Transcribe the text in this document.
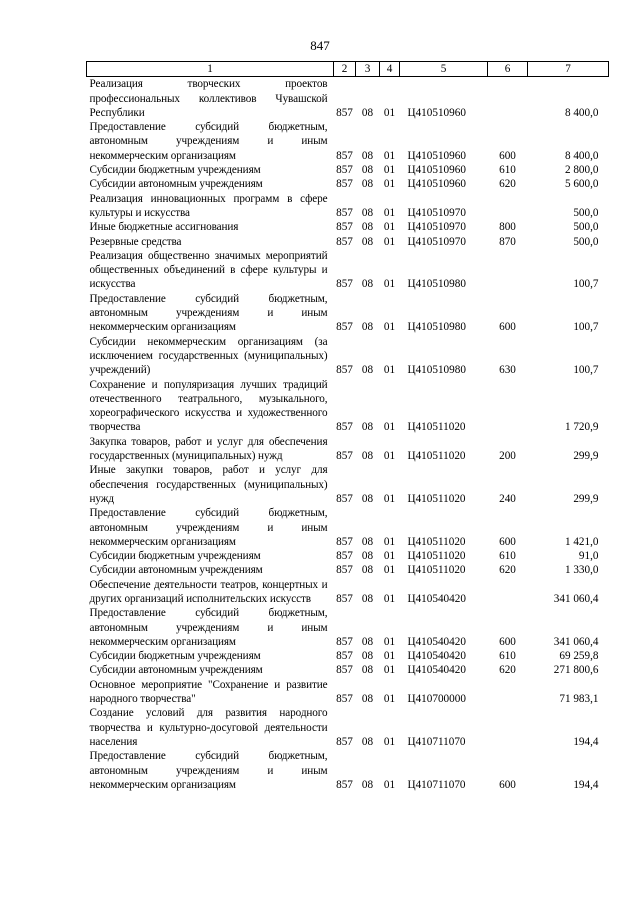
847
1	2	3	4	5	6	7
Реализация творческих проектов профессиональных коллективов Чувашской Республики	857	08	01	Ц410510960		8 400,0
Предоставление субсидий бюджетным, автономным учреждениям и иным некоммерческим организациям	857	08	01	Ц410510960	600	8 400,0
Субсидии бюджетным учреждениям	857	08	01	Ц410510960	610	2 800,0
Субсидии автономным учреждениям	857	08	01	Ц410510960	620	5 600,0
Реализация инновационных программ в сфере культуры и искусства	857	08	01	Ц410510970		500,0
Иные бюджетные ассигнования	857	08	01	Ц410510970	800	500,0
Резервные средства	857	08	01	Ц410510970	870	500,0
Реализация общественно значимых мероприятий общественных объединений в сфере культуры и искусства	857	08	01	Ц410510980		100,7
Предоставление субсидий бюджетным, автономным учреждениям и иным некоммерческим организациям	857	08	01	Ц410510980	600	100,7
Субсидии некоммерческим организациям (за исключением государственных (муниципальных) учреждений)	857	08	01	Ц410510980	630	100,7
Сохранение и популяризация лучших традиций отечественного театрального, музыкального, хореографического искусства и художественного творчества	857	08	01	Ц410511020		1 720,9
Закупка товаров, работ и услуг для обеспечения государственных (муниципальных) нужд	857	08	01	Ц410511020	200	299,9
Иные закупки товаров, работ и услуг для обеспечения государственных (муниципальных) нужд	857	08	01	Ц410511020	240	299,9
Предоставление субсидий бюджетным, автономным учреждениям и иным некоммерческим организациям	857	08	01	Ц410511020	600	1 421,0
Субсидии бюджетным учреждениям	857	08	01	Ц410511020	610	91,0
Субсидии автономным учреждениям	857	08	01	Ц410511020	620	1 330,0
Обеспечение деятельности театров, концертных и других организаций исполнительских искусств	857	08	01	Ц410540420		341 060,4
Предоставление субсидий бюджетным, автономным учреждениям и иным некоммерческим организациям	857	08	01	Ц410540420	600	341 060,4
Субсидии бюджетным учреждениям	857	08	01	Ц410540420	610	69 259,8
Субсидии автономным учреждениям	857	08	01	Ц410540420	620	271 800,6
Основное мероприятие "Сохранение и развитие народного творчества"	857	08	01	Ц410700000		71 983,1
Создание условий для развития народного творчества и культурно-досуговой деятельности населения	857	08	01	Ц410711070		194,4
Предоставление субсидий бюджетным, автономным учреждениям и иным некоммерческим организациям	857	08	01	Ц410711070	600	194,4
